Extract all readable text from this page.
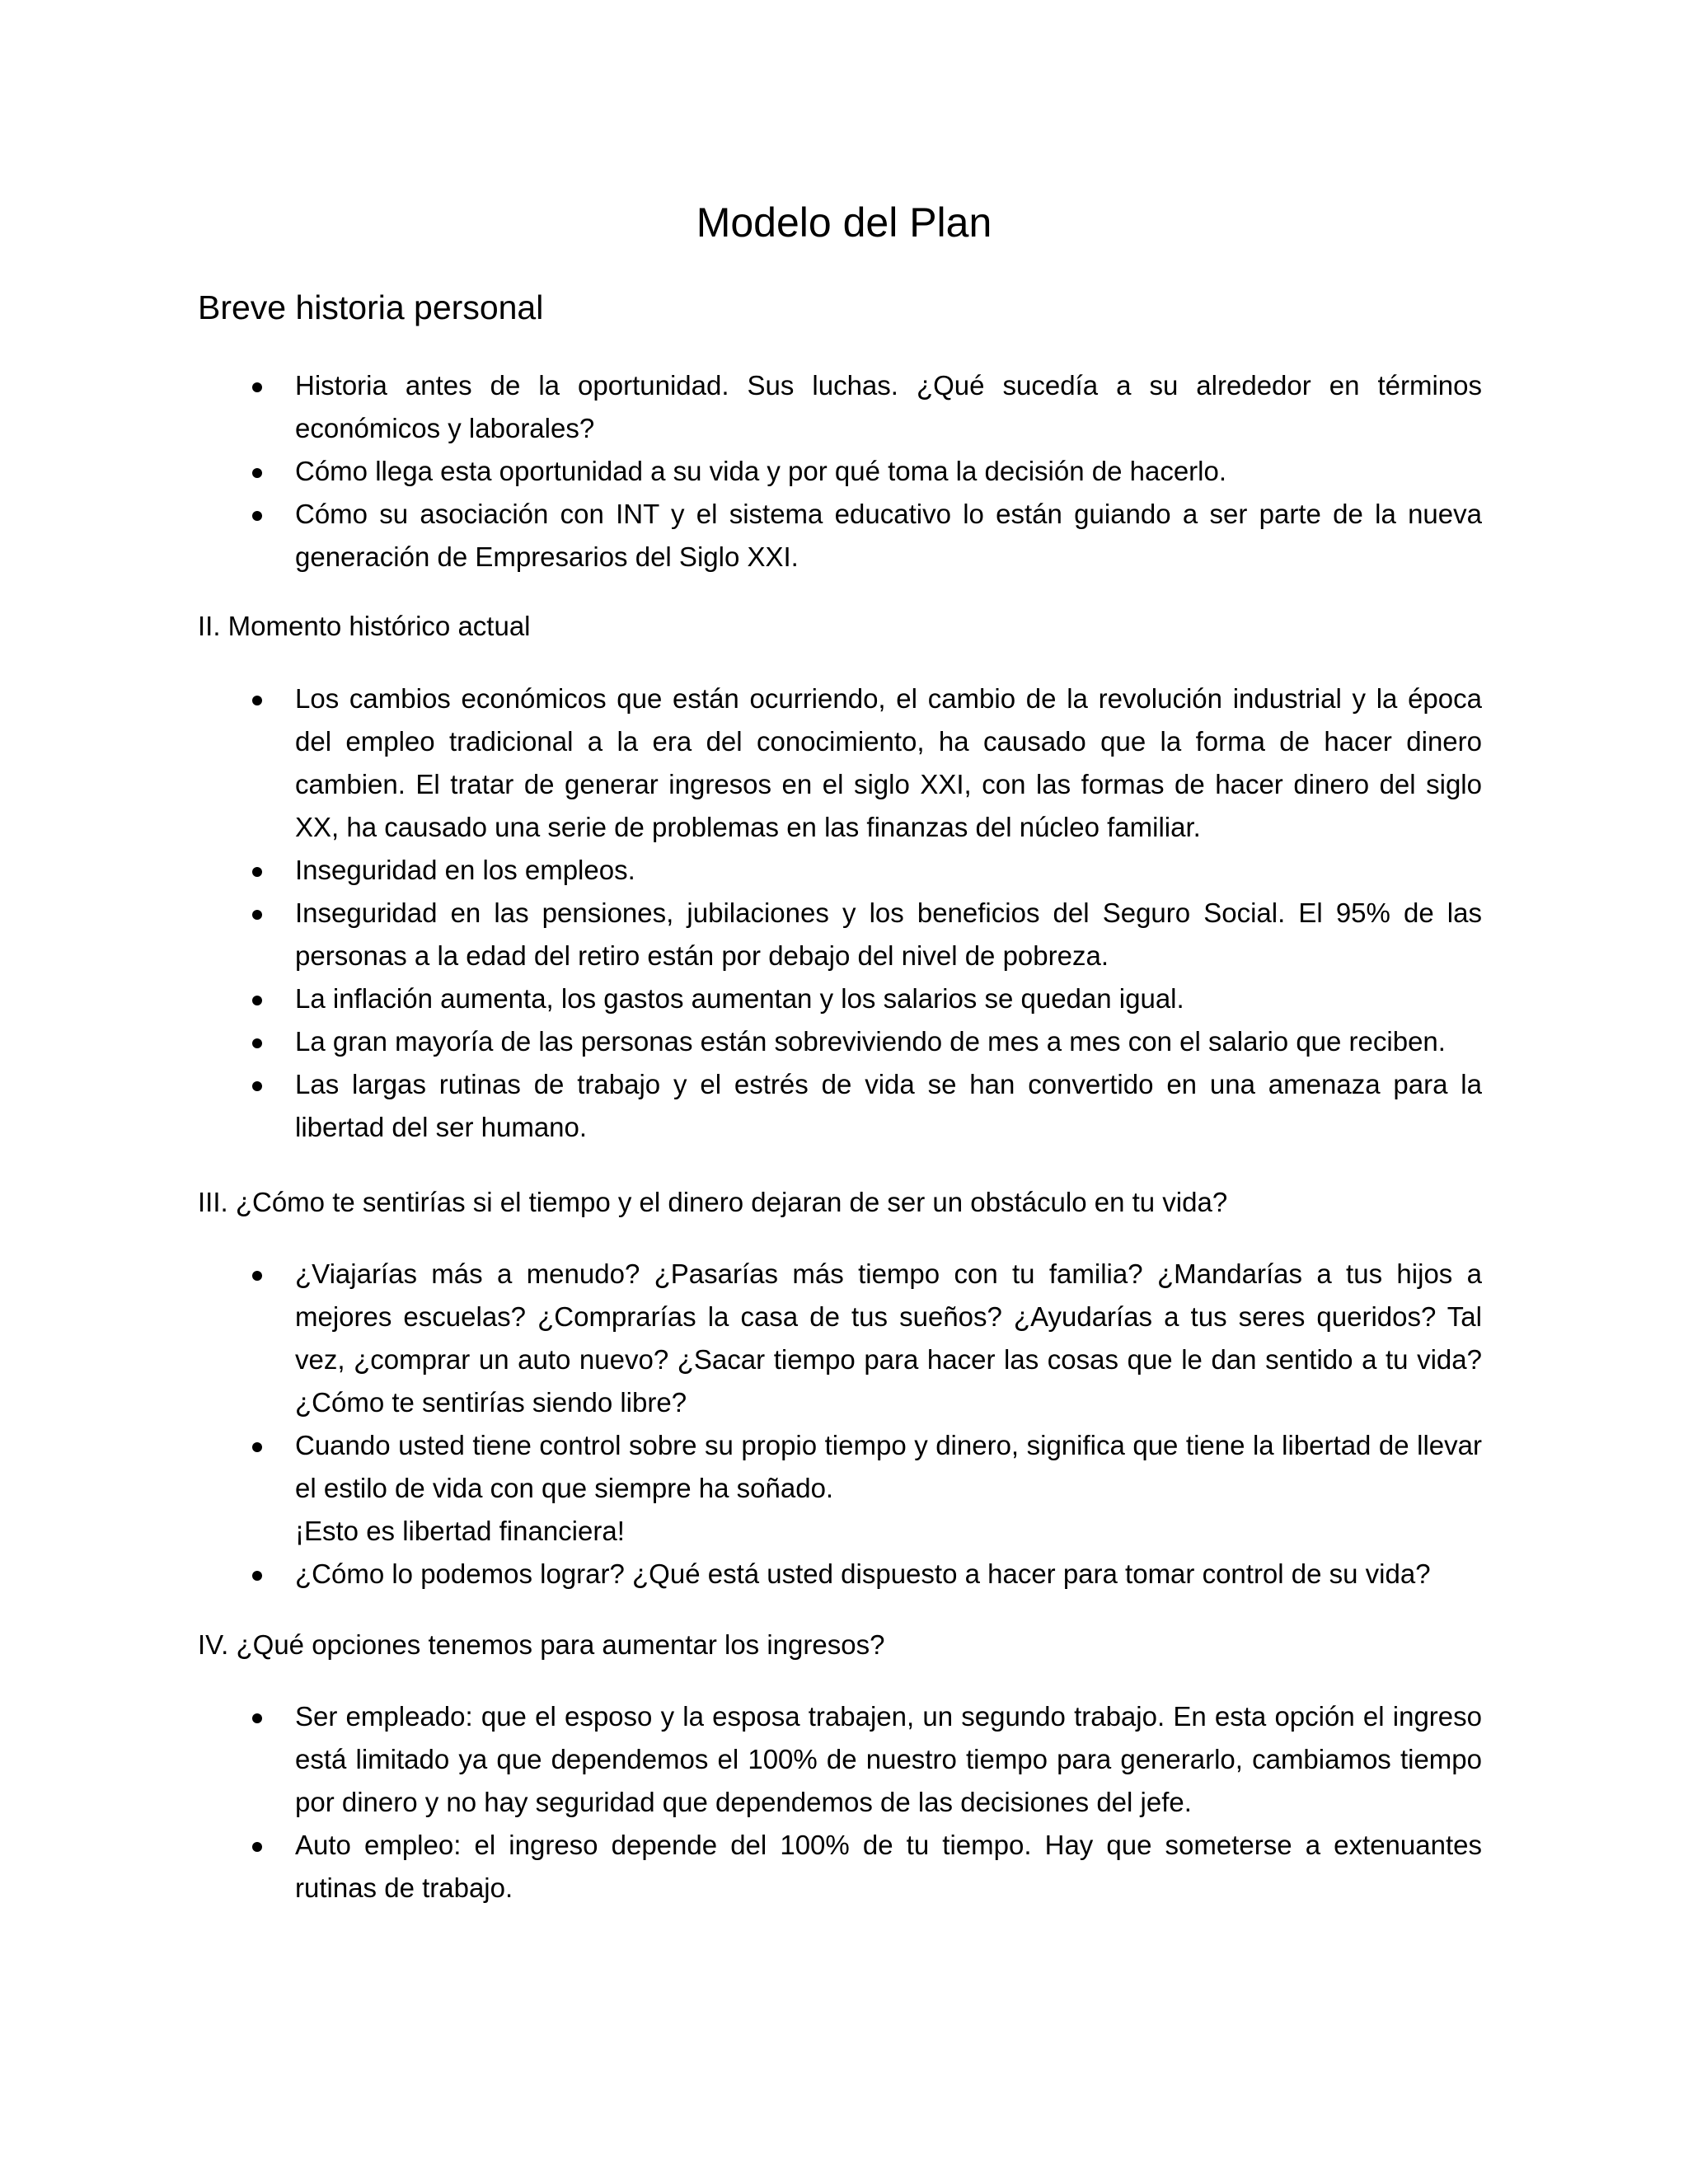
Modelo del Plan
Breve historia personal
Historia antes de la oportunidad. Sus luchas. ¿Qué sucedía a su alrededor en términos económicos y laborales?
Cómo llega esta oportunidad a su vida y por qué toma la decisión de hacerlo.
Cómo su asociación con INT y el sistema educativo lo están guiando a ser parte de la nueva generación de Empresarios del Siglo XXI.

II. Momento histórico actual

Los cambios económicos que están ocurriendo, el cambio de la revolución industrial y la época del empleo tradicional a la era del conocimiento, ha causado que la forma de hacer dinero cambien. El tratar de generar ingresos en el siglo XXI, con las formas de hacer dinero del siglo XX, ha causado una serie de problemas en las finanzas del núcleo familiar.
Inseguridad en los empleos.
Inseguridad en las pensiones, jubilaciones y los beneficios del Seguro Social. El 95% de las personas a la edad del retiro están por debajo del nivel de pobreza.
La inflación aumenta, los gastos aumentan y los salarios se quedan igual.
La gran mayoría de las personas están sobreviviendo de mes a mes con el salario que reciben.
Las largas rutinas de trabajo y el estrés de vida se han convertido en una amenaza para la libertad del ser humano.

III. ¿Cómo te sentirías si el tiempo y el dinero dejaran de ser un obstáculo en tu vida?

¿Viajarías más a menudo? ¿Pasarías más tiempo con tu familia? ¿Mandarías a tus hijos a mejores escuelas? ¿Comprarías la casa de tus sueños? ¿Ayudarías a tus seres queridos? Tal vez, ¿comprar un auto nuevo? ¿Sacar tiempo para hacer las cosas que le dan sentido a tu vida? ¿Cómo te sentirías siendo libre?
Cuando usted tiene control sobre su propio tiempo y dinero, significa que tiene la libertad de llevar el estilo de vida con que siempre ha soñado.
¡Esto es libertad financiera!
¿Cómo lo podemos lograr? ¿Qué está usted dispuesto a hacer para tomar control de su vida?

IV. ¿Qué opciones tenemos para aumentar los ingresos?

Ser empleado: que el esposo y la esposa trabajen, un segundo trabajo. En esta opción el ingreso está limitado ya que dependemos el 100% de nuestro tiempo para generarlo, cambiamos tiempo por dinero y no hay seguridad que dependemos de las decisiones del jefe.
Auto empleo: el ingreso depende del 100% de tu tiempo. Hay que someterse a extenuantes rutinas de trabajo.
